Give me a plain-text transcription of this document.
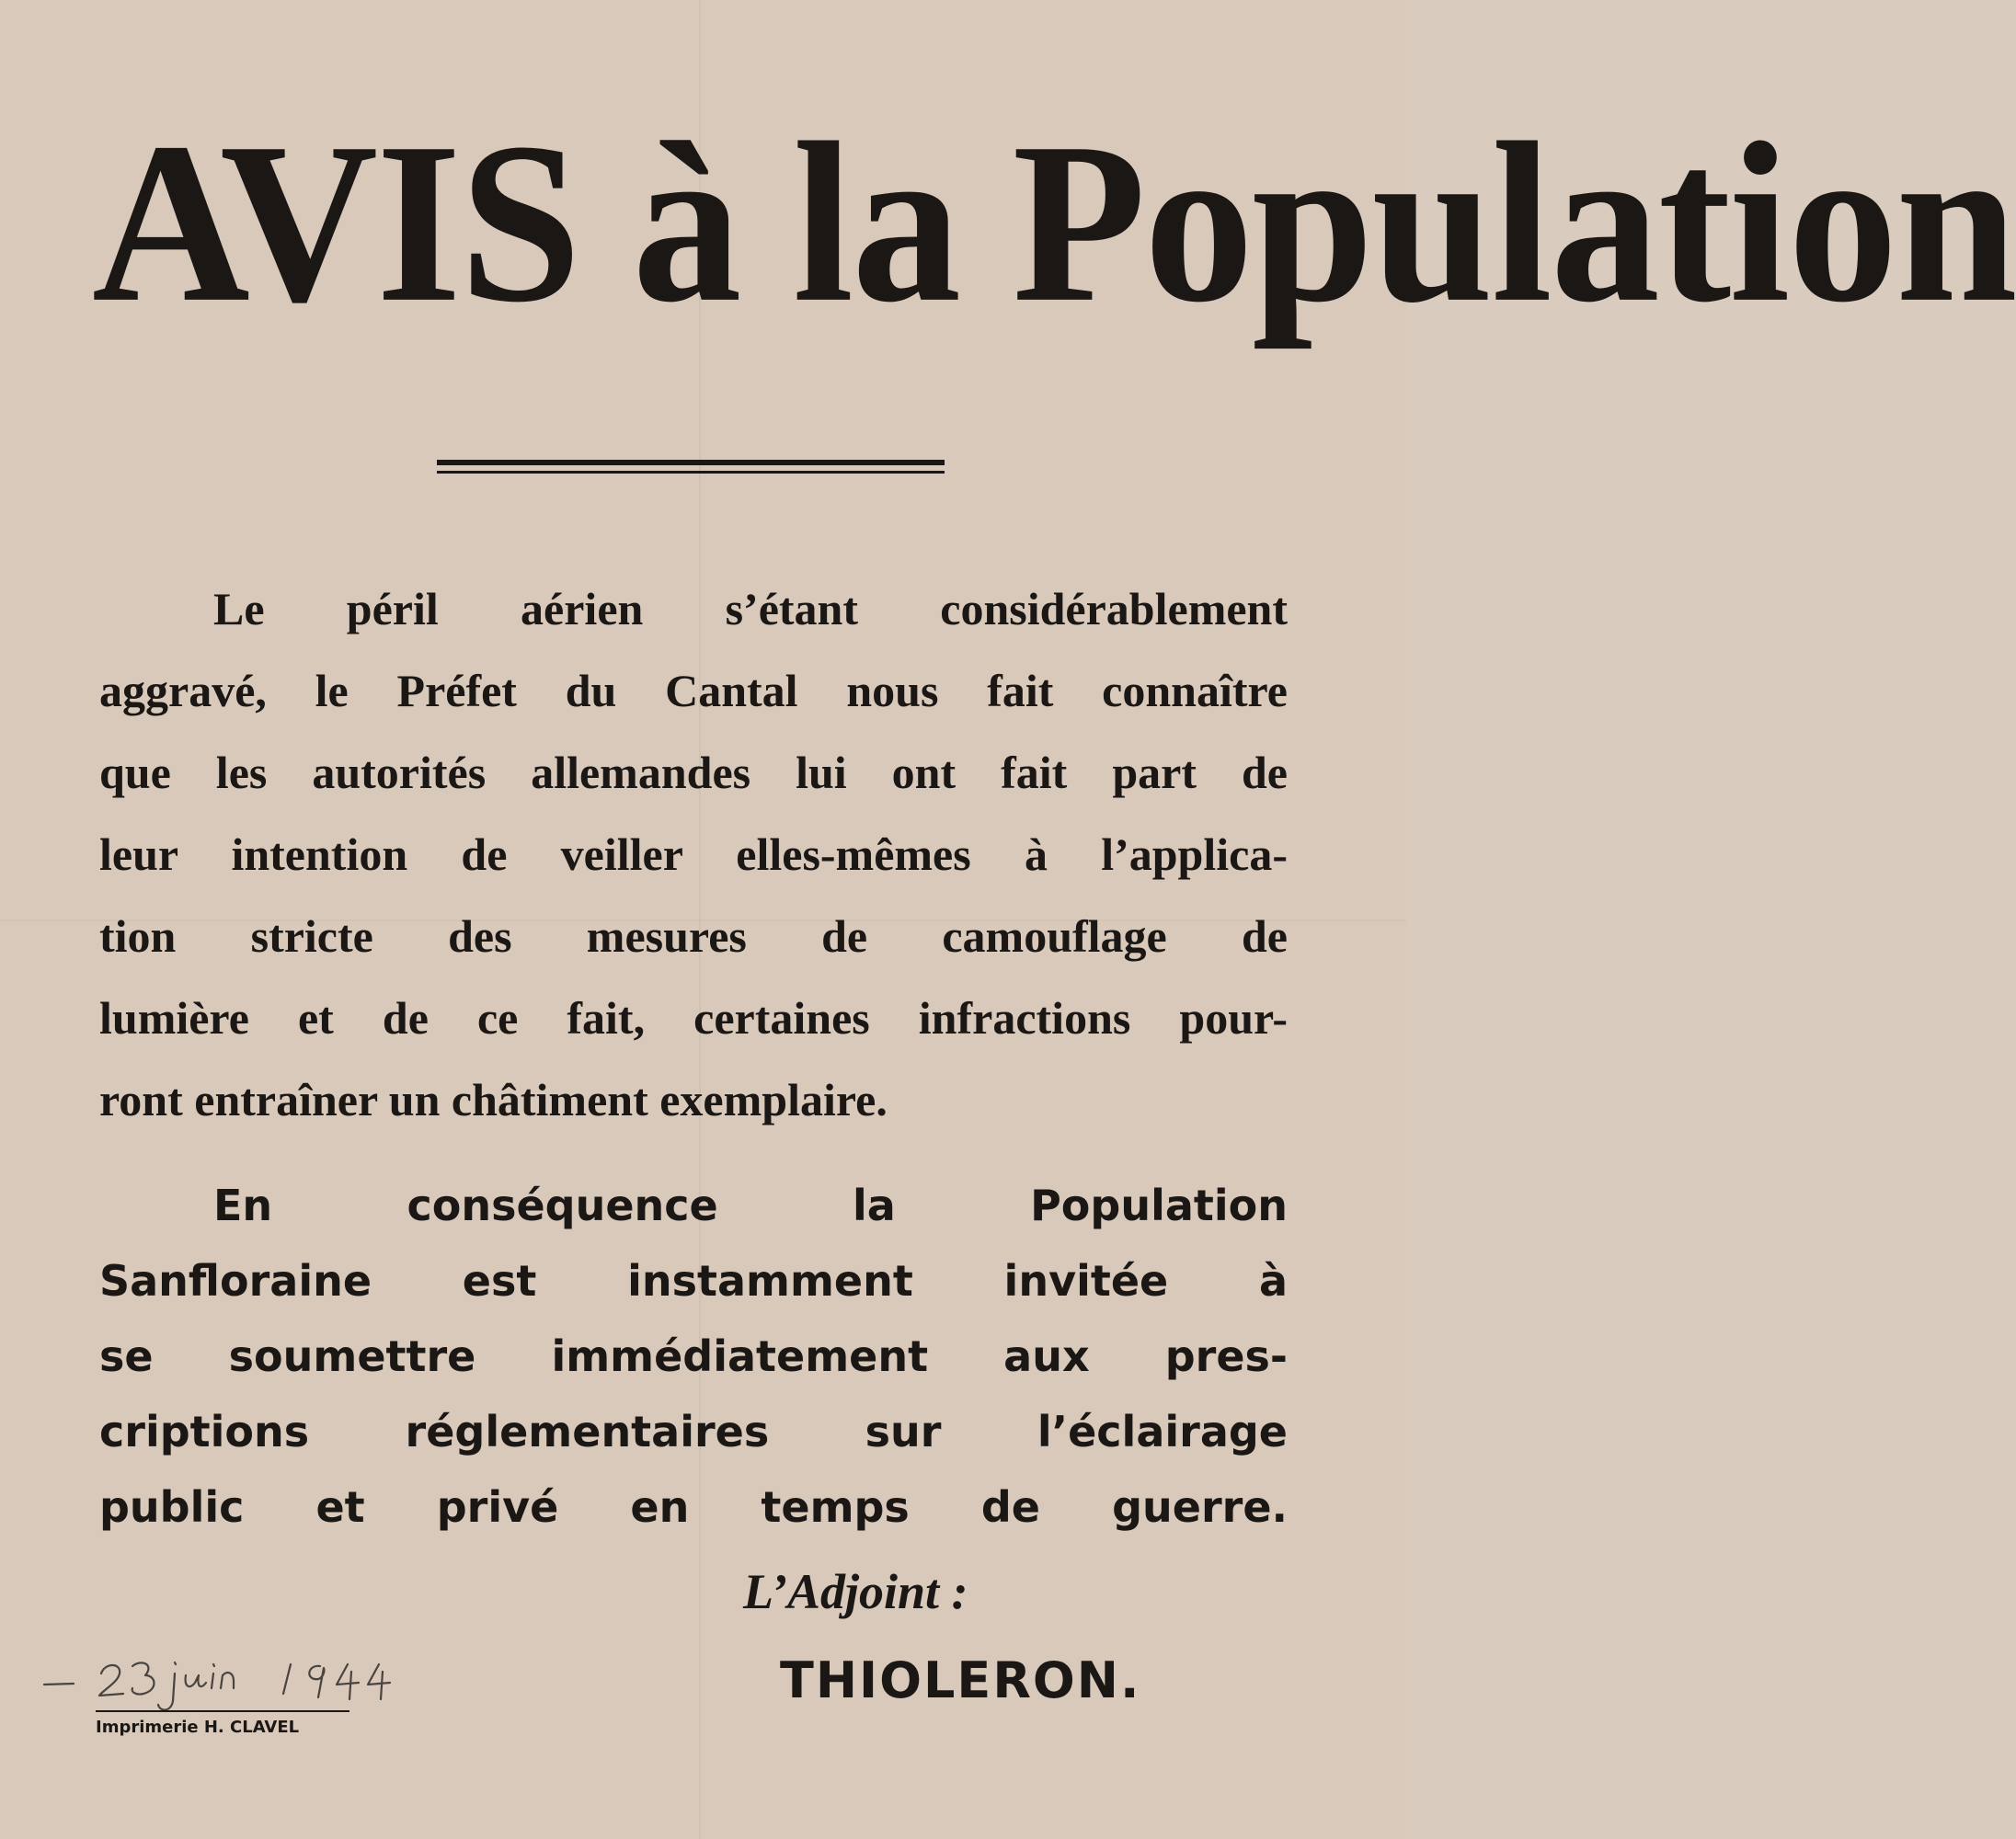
AVIS à la Population
Le péril aérien s’étant considérablement
aggravé, le Préfet du Cantal nous fait connaître
que les autorités allemandes lui ont fait part de
leur intention de veiller elles-mêmes à l’applica-
tion stricte des mesures de camouflage de
lumière et de ce fait, certaines infractions pour-
ront entraîner un châtiment exemplaire.
En conséquence la Population
Sanfloraine est instamment invitée à
se soumettre immédiatement aux pres-
criptions réglementaires sur l’éclairage
public et privé en temps de guerre.
L’Adjoint :
THIOLERON.
Imprimerie H. CLAVEL
